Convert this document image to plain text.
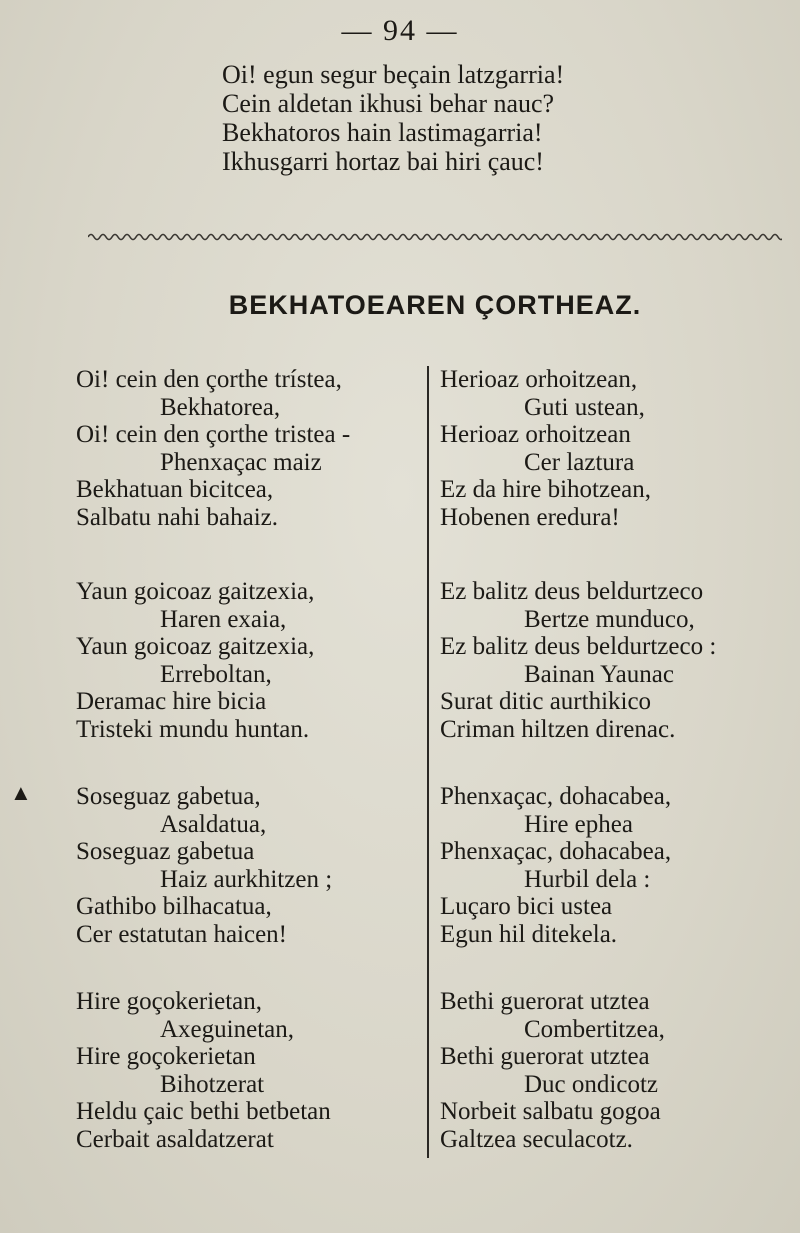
— 94 —
Oi! egun segur beçain latzgarria!
Cein aldetan ikhusi behar nauc?
Bekhatoros hain lastimagarria!
Ikhusgarri hortaz bai hiri çauc!
BEKHATOEAREN ÇORTHEAZ.
Oi! cein den çorthe trístea,
Bekhatorea,
Oi! cein den çorthe tristea -
Phenxaçac maiz
Bekhatuan bicitcea,
Salbatu nahi bahaiz.
Yaun goicoaz gaitzexia,
Haren exaia,
Yaun goicoaz gaitzexia,
Erreboltan,
Deramac hire bicia
Tristeki mundu huntan.
Soseguaz gabetua,
Asaldatua,
Soseguaz gabetua
Haiz aurkhitzen ;
Gathibo bilhacatua,
Cer estatutan haicen!
Hire goçokerietan,
Axeguinetan,
Hire goçokerietan
Bihotzerat
Heldu çaic bethi betbetan
Cerbait asaldatzerat
Herioaz orhoitzean,
Guti ustean,
Herioaz orhoitzean
Cer laztura
Ez da hire bihotzean,
Hobenen eredura!
Ez balitz deus beldurtzeco
Bertze munduco,
Ez balitz deus beldurtzeco :
Bainan Yaunac
Surat ditic aurthikico
Criman hiltzen direnac.
Phenxaçac, dohacabea,
Hire ephea
Phenxaçac, dohacabea,
Hurbil dela :
Luçaro bici ustea
Egun hil ditekela.
Bethi guerorat utztea
Combertitzea,
Bethi guerorat utztea
Duc ondicotz
Norbeit salbatu gogoa
Galtzea seculacotz.
▲
